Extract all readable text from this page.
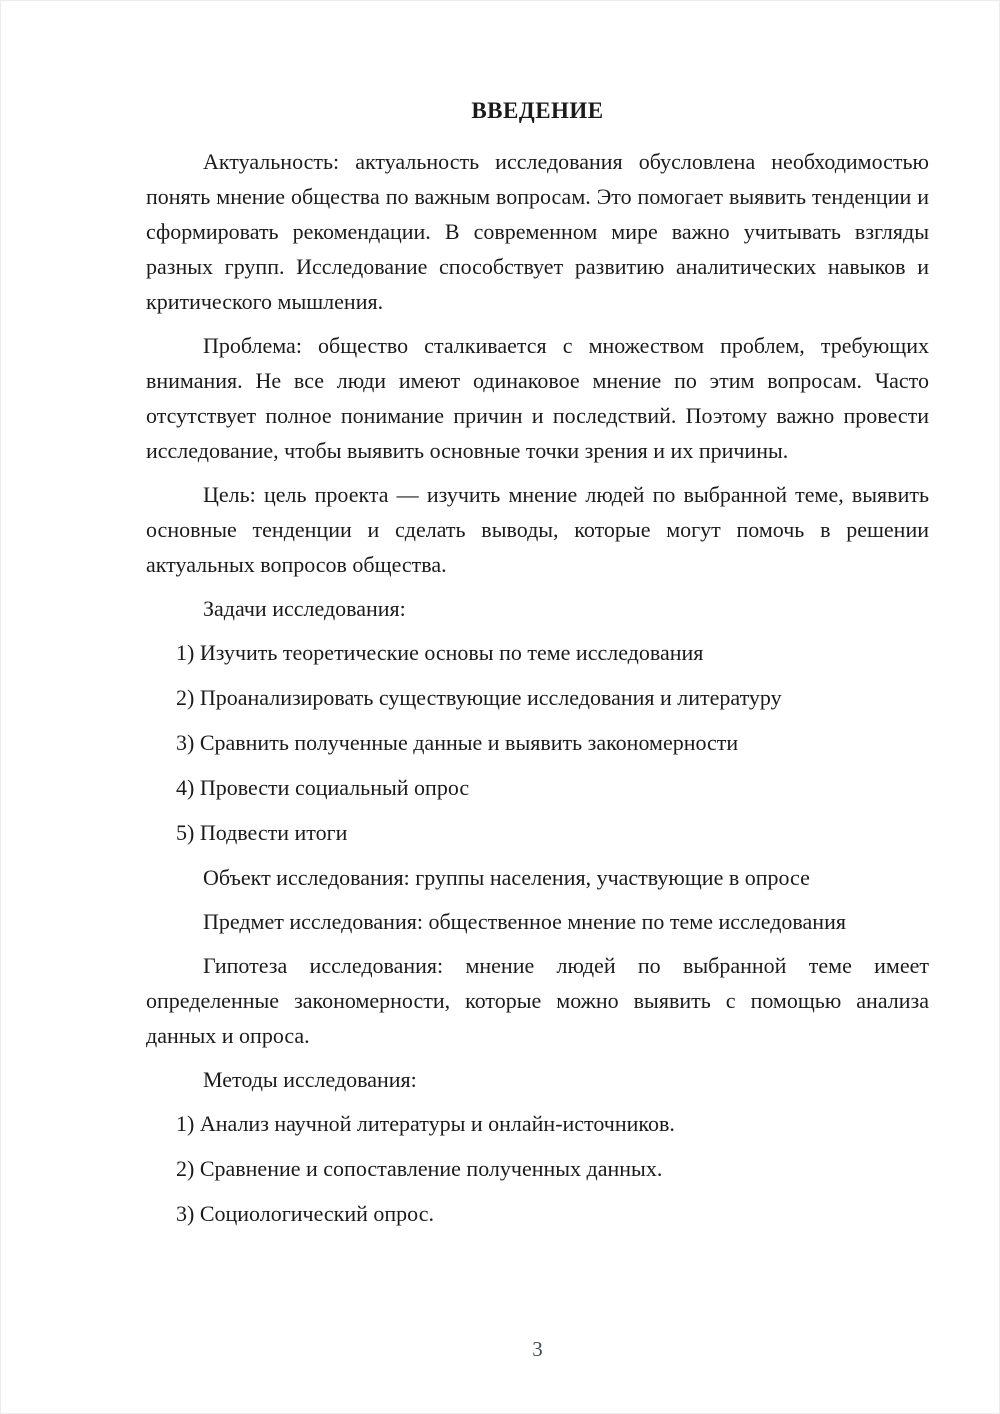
ВВЕДЕНИЕ

Актуальность: актуальность исследования обусловлена необходимостью понять мнение общества по важным вопросам. Это помогает выявить тенденции и сформировать рекомендации. В современном мире важно учитывать взгляды разных групп. Исследование способствует развитию аналитических навыков и критического мышления.

Проблема: общество сталкивается с множеством проблем, требующих внимания. Не все люди имеют одинаковое мнение по этим вопросам. Часто отсутствует полное понимание причин и последствий. Поэтому важно провести исследование, чтобы выявить основные точки зрения и их причины.

Цель: цель проекта — изучить мнение людей по выбранной теме, выявить основные тенденции и сделать выводы, которые могут помочь в решении актуальных вопросов общества.

Задачи исследования:

1) Изучить теоретические основы по теме исследования

2) Проанализировать существующие исследования и литературу

3) Сравнить полученные данные и выявить закономерности

4) Провести социальный опрос

5) Подвести итоги

Объект исследования: группы населения, участвующие в опросе

Предмет исследования: общественное мнение по теме исследования

Гипотеза исследования: мнение людей по выбранной теме имеет определенные закономерности, которые можно выявить с помощью анализа данных и опроса.

Методы исследования:

1) Анализ научной литературы и онлайн-источников.

2) Сравнение и сопоставление полученных данных.

3) Социологический опрос.

3
